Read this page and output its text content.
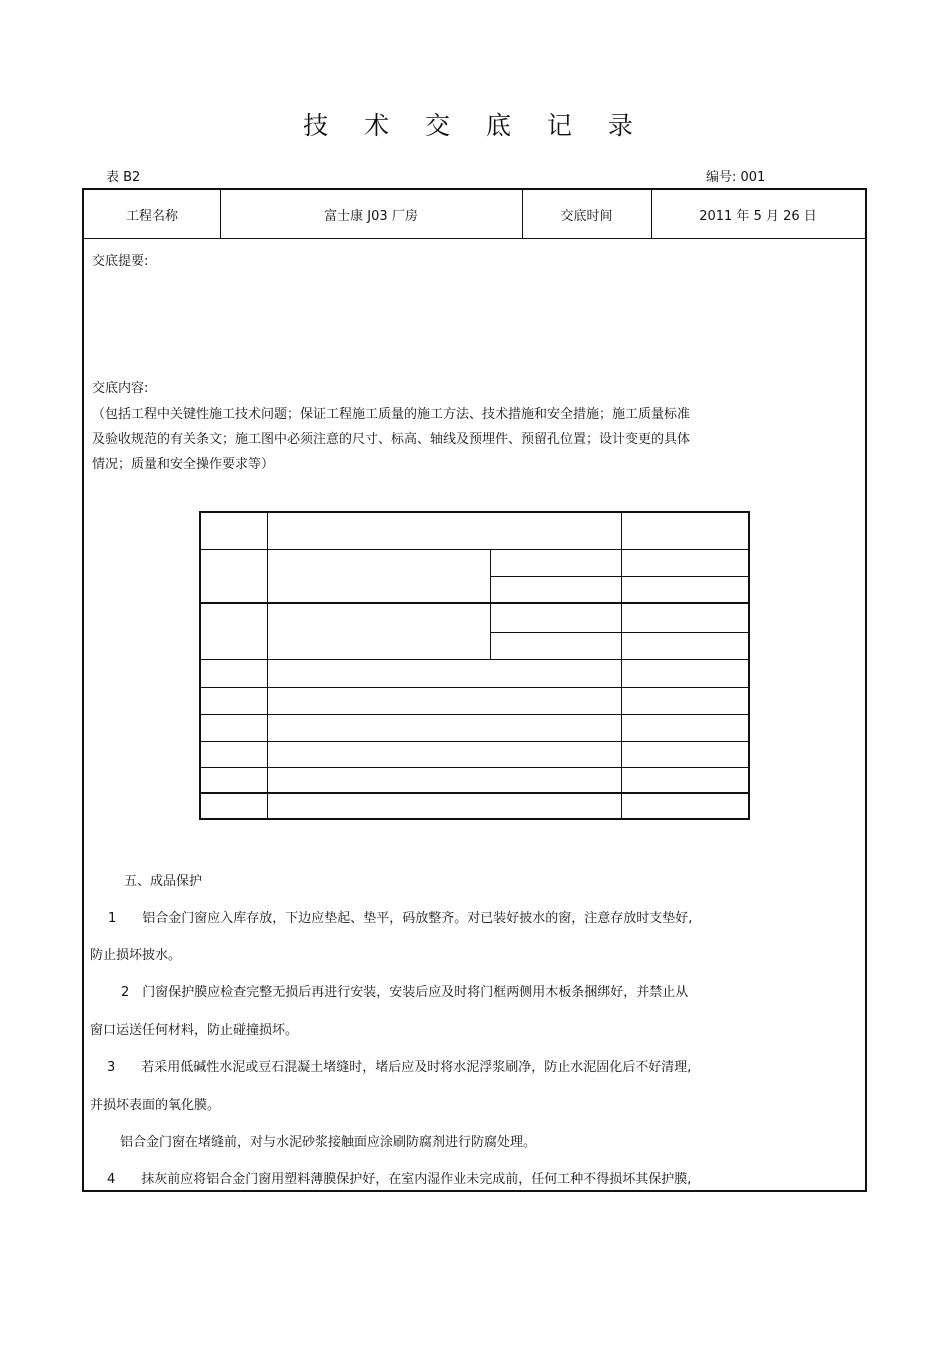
技 术 交 底 记 录
表 B2	编号: 001
工程名称	富士康 J03 厂房	交底时间	2011 年 5 月 26 日
交底提要:
交底内容:
（包括工程中关键性施工技术问题；保证工程施工质量的施工方法、技术措施和安全措施；施工质量标准
及验收规范的有关条文；施工图中必须注意的尺寸、标高、轴线及预埋件、预留孔位置；设计变更的具体
情况；质量和安全操作要求等）
五、成品保护
1　　铝合金门窗应入库存放，下边应垫起、垫平，码放整齐。对已装好披水的窗，注意存放时支垫好,
防止损坏披水。
　2　门窗保护膜应检查完整无损后再进行安装，安装后应及时将门框两侧用木板条捆绑好，并禁止从
窗口运送任何材料，防止碰撞损坏。
　3　　若采用低碱性水泥或豆石混凝土堵缝时，堵后应及时将水泥浮浆刷净，防止水泥固化后不好清理,
并损坏表面的氧化膜。
　　铝合金门窗在堵缝前，对与水泥砂浆接触面应涂刷防腐剂进行防腐处理。
　4　　抹灰前应将铝合金门窗用塑料薄膜保护好，在室内湿作业未完成前，任何工种不得损坏其保护膜,
